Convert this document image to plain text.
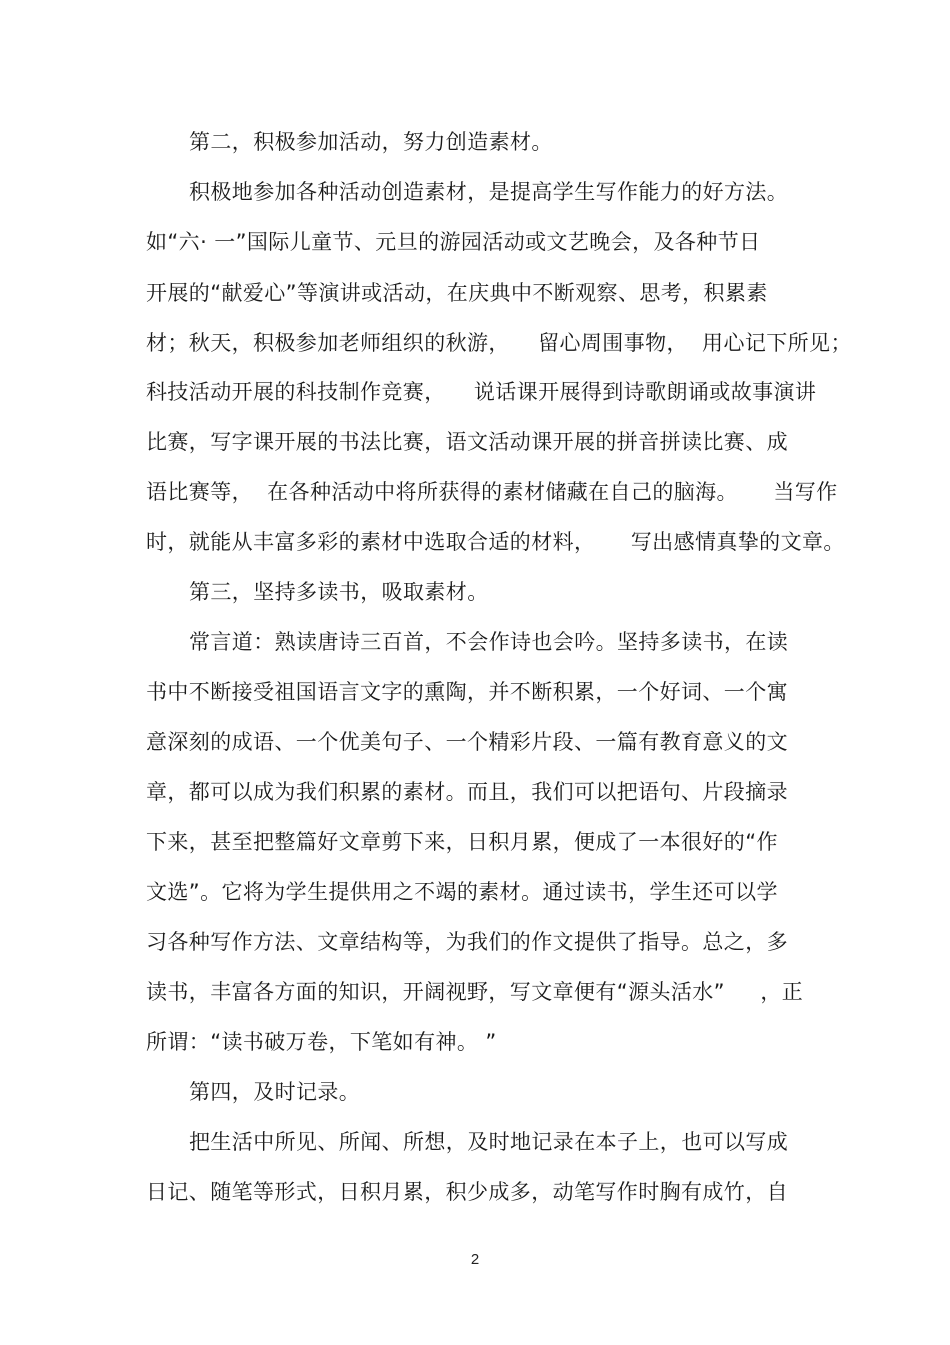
第二，积极参加活动，努力创造素材。
积极地参加各种活动创造素材，是提高学生写作能力的好方法。
如“六· 一”国际儿童节、元旦的游园活动或文艺晚会，及各种节日
开展的“献爱心”等演讲或活动，在庆典中不断观察、思考，积累素
材；秋天，积极参加老师组织的秋游，    留心周围事物，  用心记下所见；
科技活动开展的科技制作竞赛，    说话课开展得到诗歌朗诵或故事演讲
比赛，写字课开展的书法比赛，语文活动课开展的拼音拼读比赛、成
语比赛等，  在各种活动中将所获得的素材储藏在自己的脑海。     当写作
时，就能从丰富多彩的素材中选取合适的材料，     写出感情真挚的文章。
第三，坚持多读书，吸取素材。
常言道：熟读唐诗三百首，不会作诗也会吟。坚持多读书，在读
书中不断接受祖国语言文字的熏陶，并不断积累，一个好词、一个寓
意深刻的成语、一个优美句子、一个精彩片段、一篇有教育意义的文
章，都可以成为我们积累的素材。而且，我们可以把语句、片段摘录
下来，甚至把整篇好文章剪下来，日积月累，便成了一本很好的“作
文选”。它将为学生提供用之不竭的素材。通过读书，学生还可以学
习各种写作方法、文章结构等，为我们的作文提供了指导。总之，多
读书，丰富各方面的知识，开阔视野，写文章便有“源头活水”     ，正
所谓：“读书破万卷，下笔如有神。 ”
第四，及时记录。
把生活中所见、所闻、所想，及时地记录在本子上，也可以写成
日记、随笔等形式，日积月累，积少成多，动笔写作时胸有成竹，自
2
